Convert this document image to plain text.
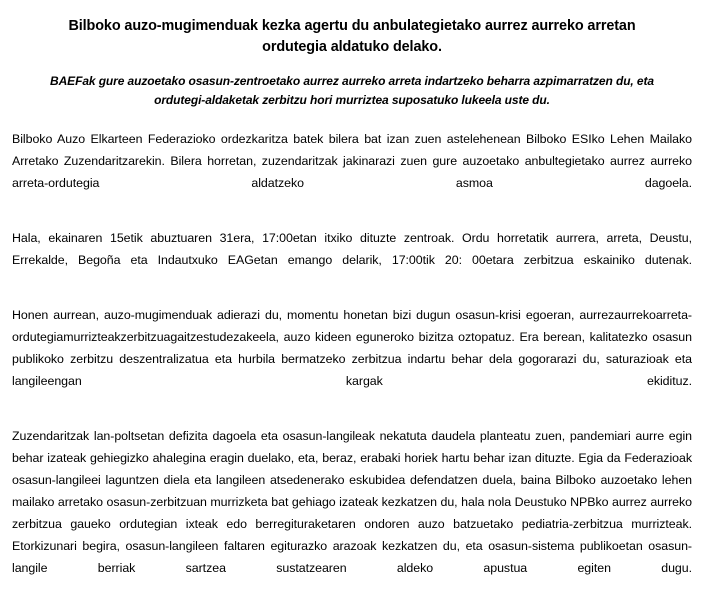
Bilboko auzo-mugimenduak kezka agertu du anbulategietako aurrez aurreko arretan ordutegia aldatuko delako.

BAEFak gure auzoetako osasun-zentroetako aurrez aurreko arreta indartzeko beharra azpimarratzen du, eta ordutegi-aldaketak zerbitzu hori murriztea suposatuko lukeela uste du.

Bilboko Auzo Elkarteen Federazioko ordezkaritza batek bilera bat izan zuen astelehenean Bilboko ESIko Lehen Mailako Arretako Zuzendaritzarekin. Bilera horretan, zuzendaritzak jakinarazi zuen gure auzoetako anbultegietako aurrez aurreko arreta-ordutegia aldatzeko asmoa dagoela.

Hala, ekainaren 15etik abuztuaren 31era, 17:00etan itxiko dituzte zentroak. Ordu horretatik aurrera, arreta, Deustu, Errekalde, Begoña eta Indautxuko EAGetan emango delarik, 17:00tik 20: 00etara zerbitzua eskainiko dutenak.

Honen aurrean, auzo-mugimenduak adierazi du, momentu honetan bizi dugun osasun-krisi egoeran, aurrezaurrekoarreta-ordutegiamurrizteakzerbitzuagaitzestudezakeela, auzo kideen eguneroko bizitza oztopatuz. Era berean, kalitatezko osasun publikoko zerbitzu deszentralizatua eta hurbila bermatzeko zerbitzua indartu behar dela gogorarazi du, saturazioak eta langileengan kargak ekidituz.

Zuzendaritzak lan-poltsetan defizita dagoela eta osasun-langileak nekatuta daudela planteatu zuen, pandemiari aurre egin behar izateak gehiegizko ahalegina eragin duelako, eta, beraz, erabaki horiek hartu behar izan dituzte. Egia da Federazioak osasun-langileei laguntzen diela eta langileen atsedenerako eskubidea defendatzen duela, baina Bilboko auzoetako lehen mailako arretako osasun-zerbitzuan murrizketa bat gehiago izateak kezkatzen du, hala nola Deustuko NPBko aurrez aurreko zerbitzua gaueko ordutegian ixteak edo berregituraketaren ondoren auzo batzuetako pediatria-zerbitzua murrizteak. Etorkizunari begira, osasun-langileen faltaren egiturazko arazoak kezkatzen du, eta osasun-sistema publikoetan osasun-langile berriak sartzea sustatzearen aldeko apustua egiten dugu.
